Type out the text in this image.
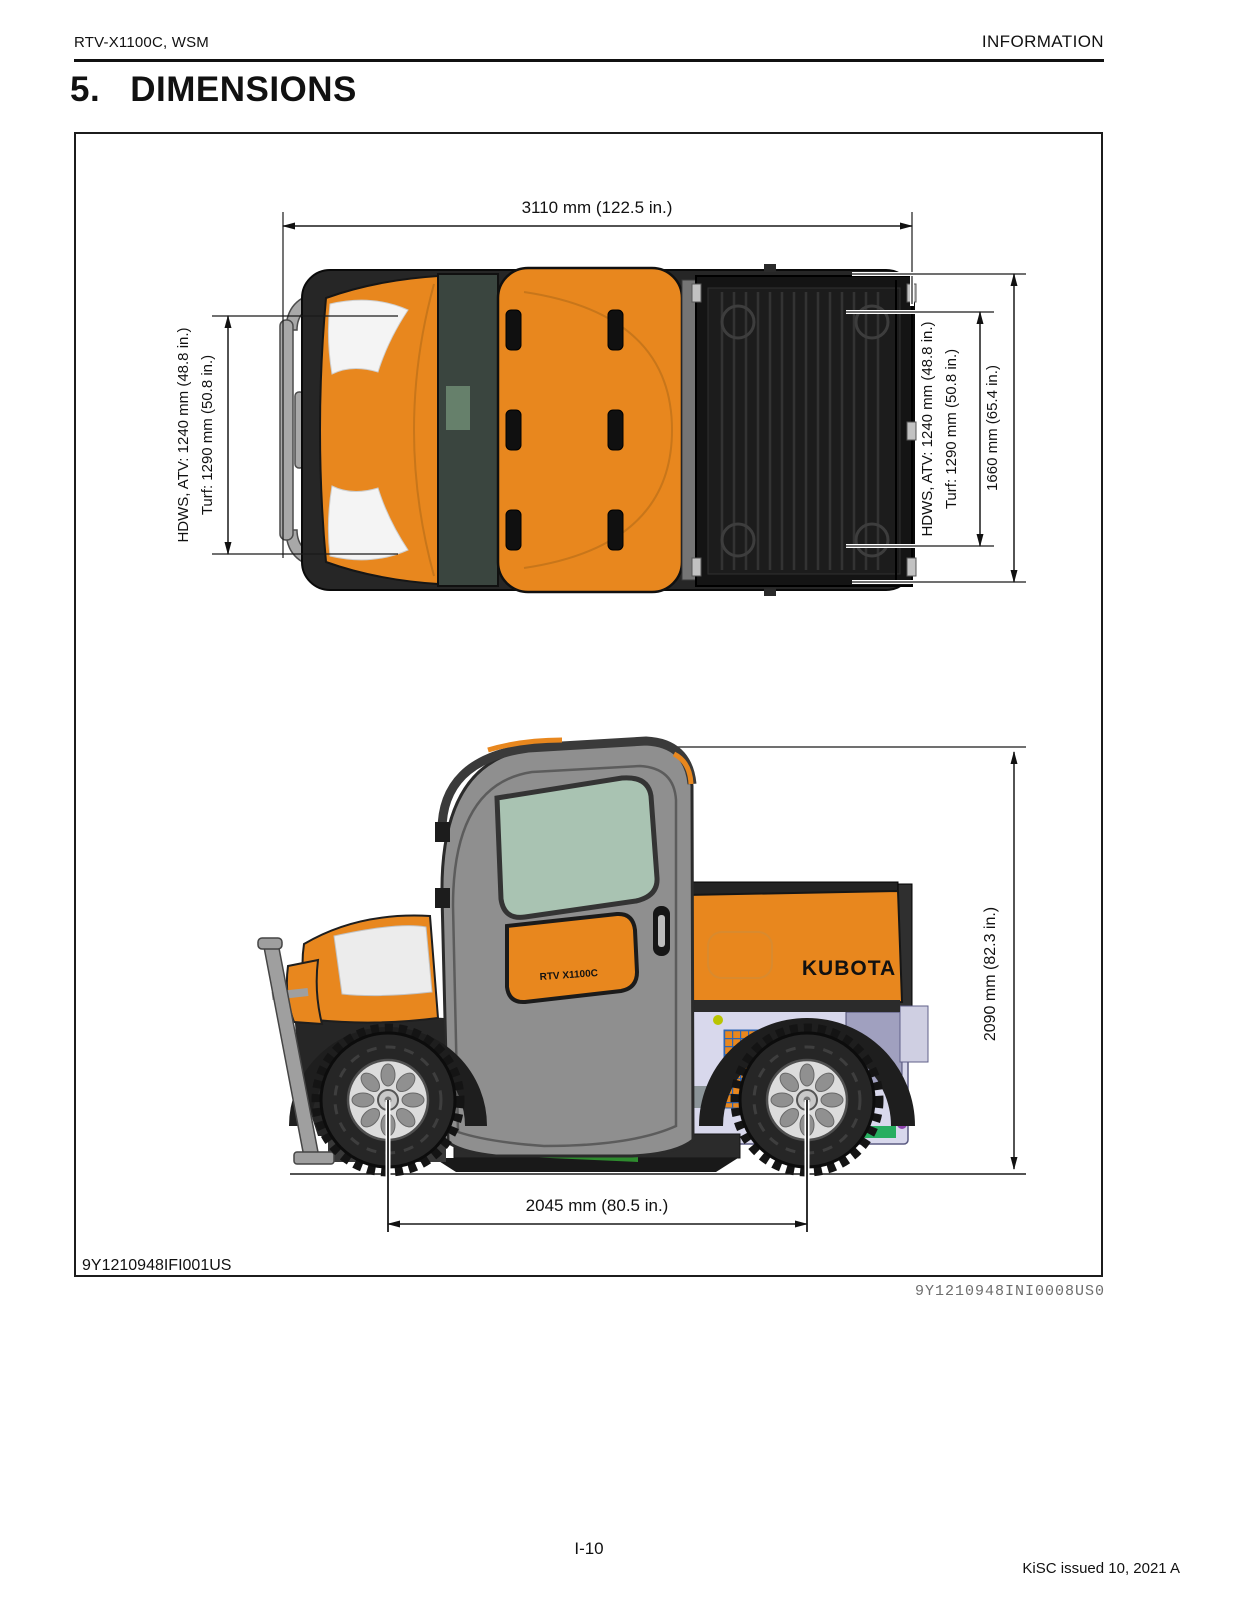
RTV-X1100C, WSM	INFORMATION
5. DIMENSIONS
3110 mm (122.5 in.)
HDWS, ATV: 1240 mm (48.8 in.) Turf: 1290 mm (50.8 in.)	HDWS, ATV: 1240 mm (48.8 in.) Turf: 1290 mm (50.8 in.) 1660 mm (65.4 in.)
KUBOTA
RTV X1100C	2090 mm (82.3 in.)
2045 mm (80.5 in.)
9Y1210948IFI001US
9Y1210948INI0008US0
I-10
KiSC issued 10, 2021 A
